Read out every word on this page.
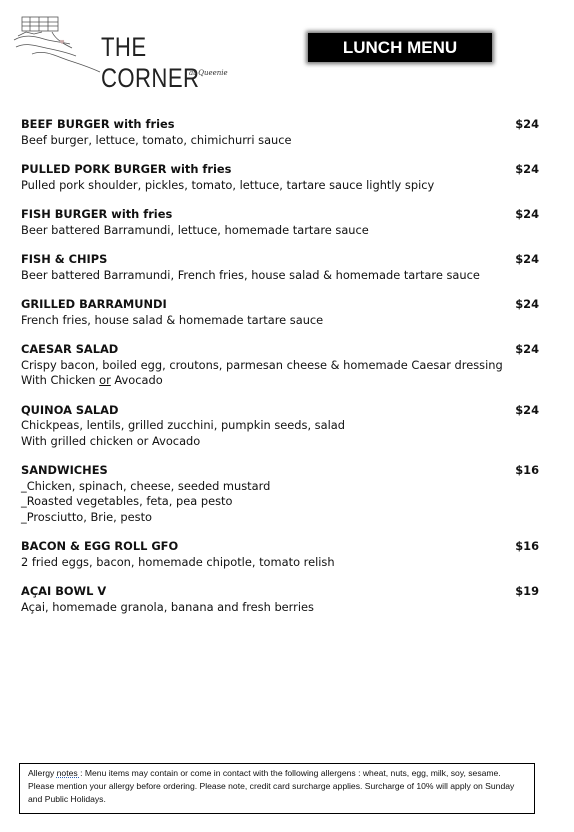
THE CORNER
at Queenie
LUNCH MENU
BEEF BURGER with fries	$24
Beef burger, lettuce, tomato, chimichurri sauce
PULLED PORK BURGER with fries	$24
Pulled pork shoulder, pickles, tomato, lettuce, tartare sauce lightly spicy
FISH BURGER with fries	$24
Beer battered Barramundi, lettuce, homemade tartare sauce
FISH & CHIPS	$24
Beer battered Barramundi, French fries, house salad & homemade tartare sauce
GRILLED BARRAMUNDI	$24
French fries, house salad & homemade tartare sauce
CAESAR SALAD	$24
Crispy bacon, boiled egg, croutons, parmesan cheese & homemade Caesar dressing
With Chicken or Avocado
QUINOA SALAD	$24
Chickpeas, lentils, grilled zucchini, pumpkin seeds, salad
With grilled chicken or Avocado
SANDWICHES	$16
_Chicken, spinach, cheese, seeded mustard
_Roasted vegetables, feta, pea pesto
_Prosciutto, Brie, pesto
BACON & EGG ROLL GFO	$16
2 fried eggs, bacon, homemade chipotle, tomato relish
AÇAI BOWL V	$19
Açai, homemade granola, banana and fresh berries
Allergy notes : Menu items may contain or come in contact with the following allergens : wheat, nuts, egg, milk, soy, sesame. Please mention your allergy before ordering. Please note, credit card surcharge applies. Surcharge of 10% will apply on Sunday and Public Holidays.
